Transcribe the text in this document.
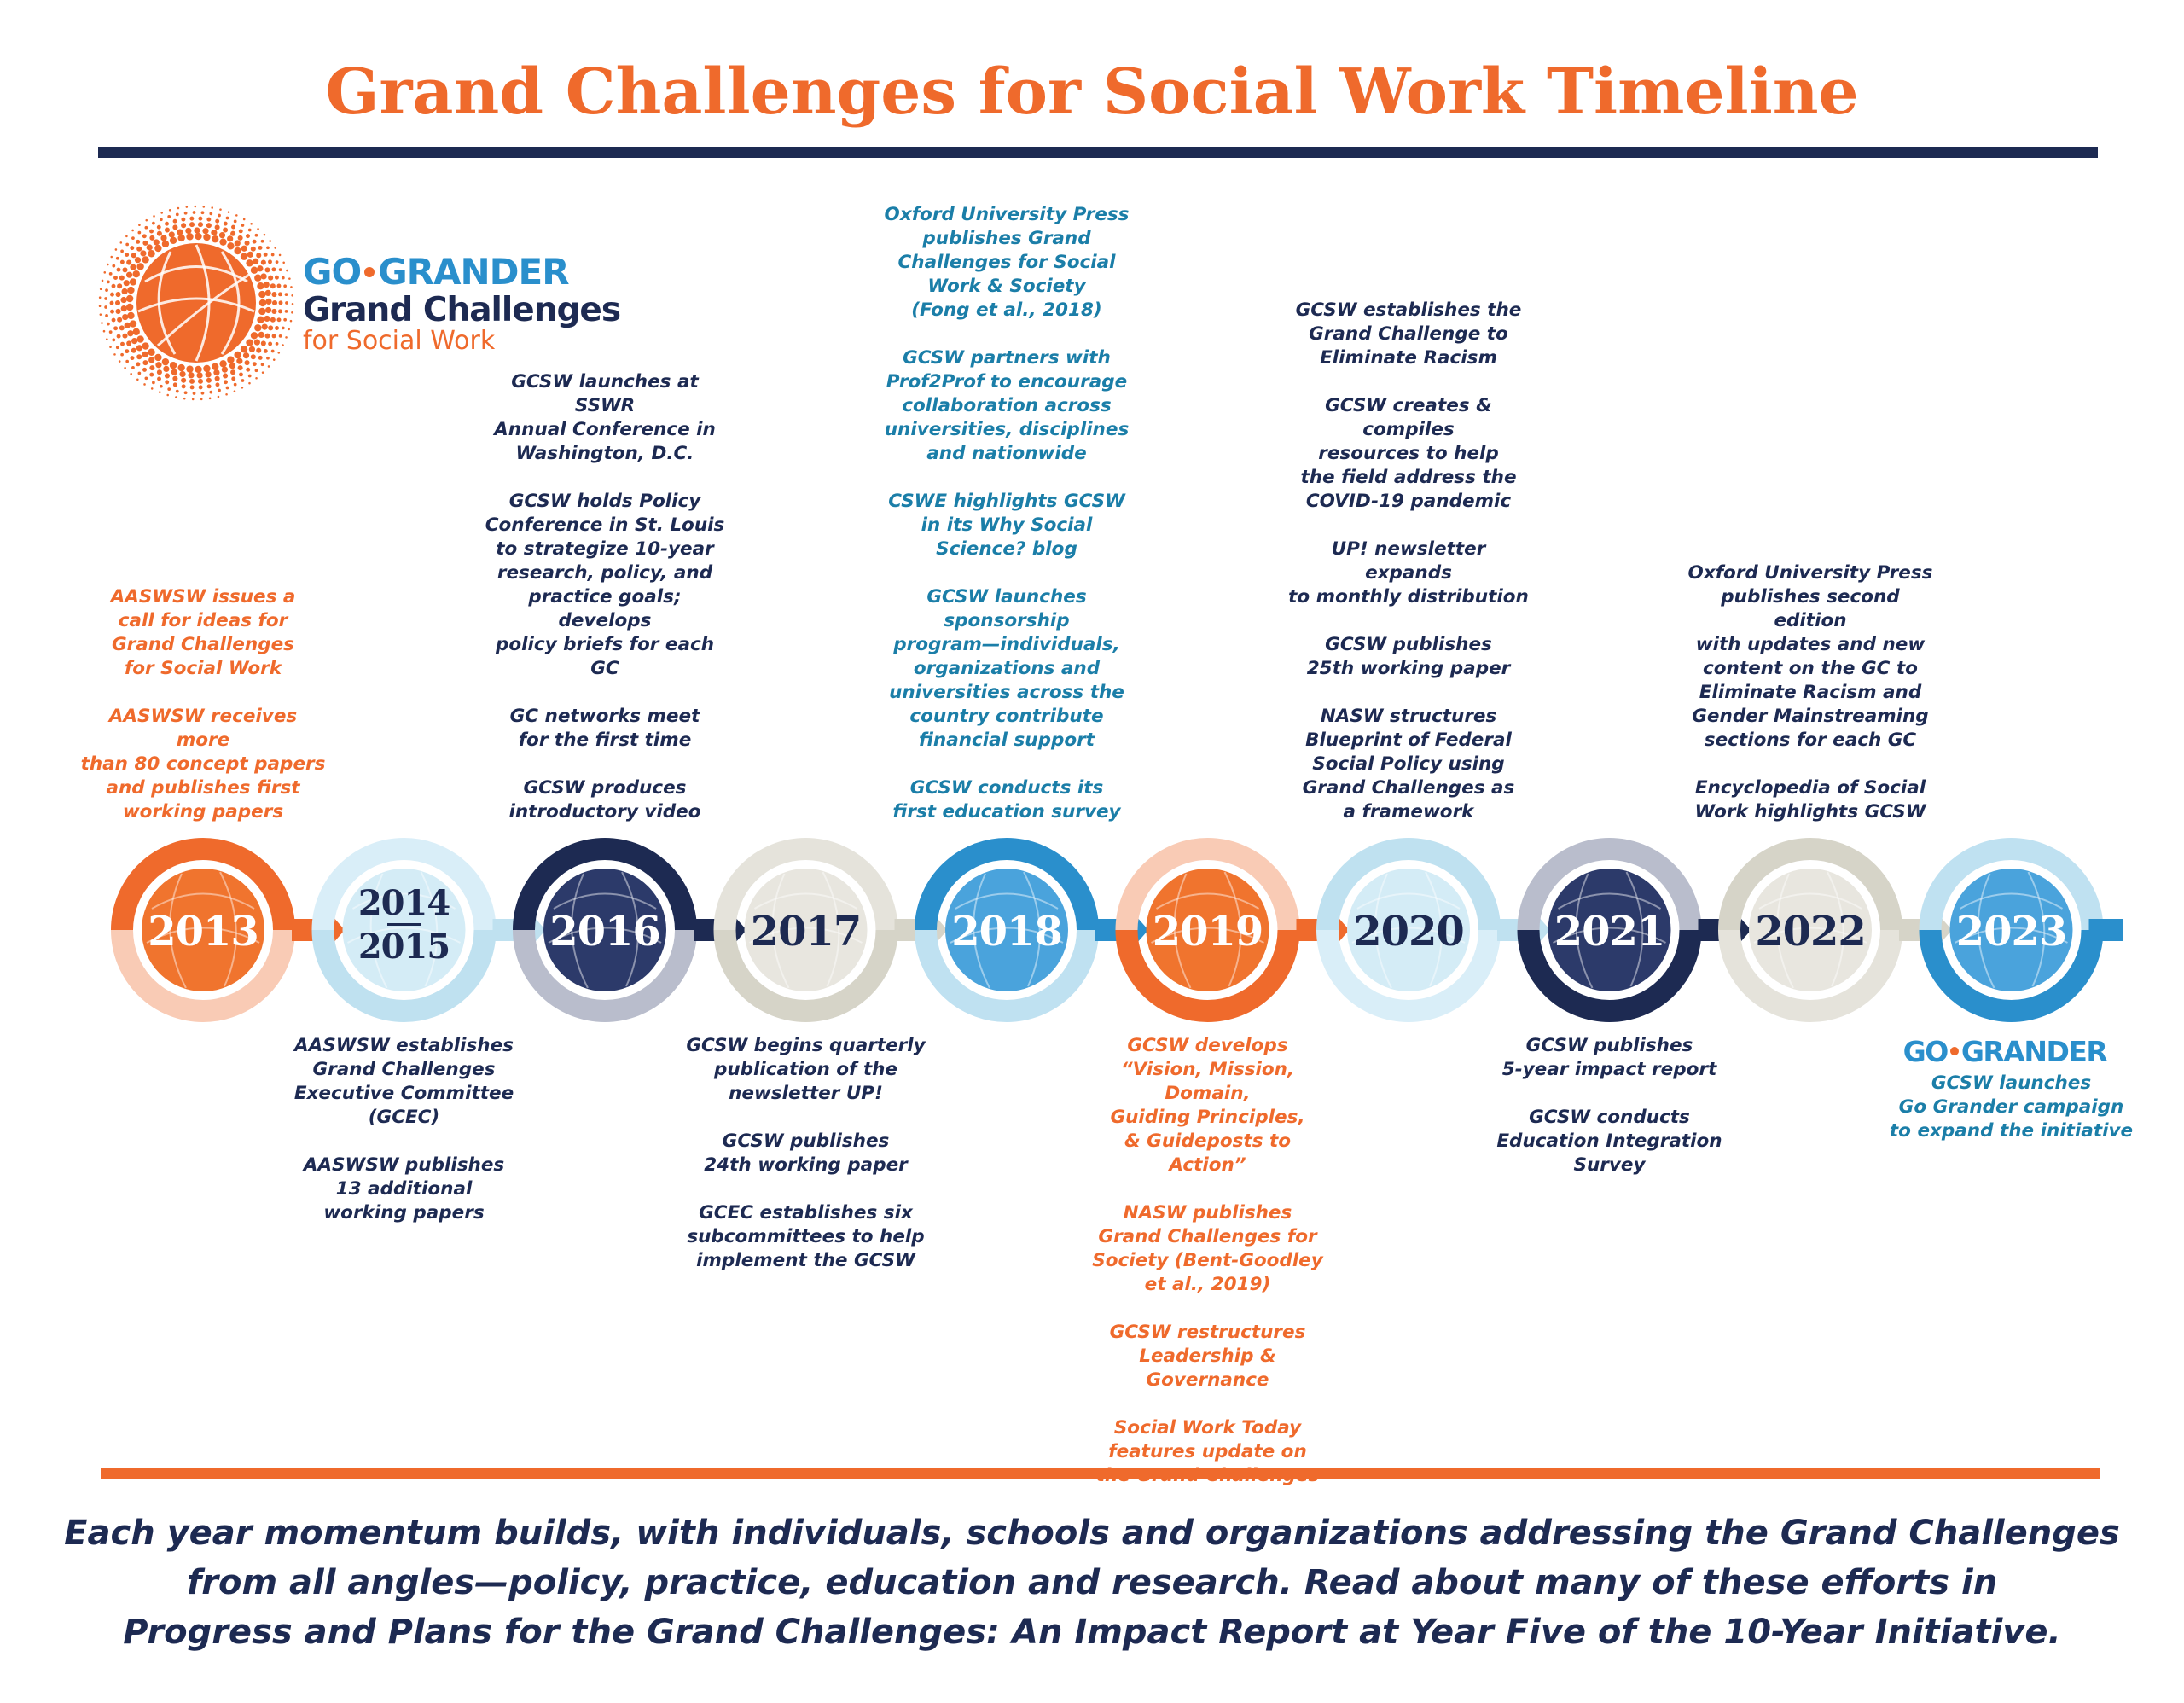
Grand Challenges for Social Work Timeline
GO GRANDER
Grand Challenges
for Social Work
2013
AASWSW issues a
call for ideas for
Grand Challenges
for Social Work
AASWSW receives more
than 80 concept papers
and publishes first
working papers
2014
2015
AASWSW establishes
Grand Challenges
Executive Committee
(GCEC)
AASWSW publishes
13 additional
working papers
2016
GCSW launches at SSWR
Annual Conference in
Washington, D.C.
GCSW holds Policy
Conference in St. Louis
to strategize 10-year
research, policy, and
practice goals; develops
policy briefs for each GC
GC networks meet
for the first time
GCSW produces
introductory video
2017
GCSW begins quarterly
publication of the
newsletter UP!
GCSW publishes
24th working paper
GCEC establishes six
subcommittees to help
implement the GCSW
2018
Oxford University Press
publishes Grand
Challenges for Social
Work & Society
(Fong et al., 2018)
GCSW partners with
Prof2Prof to encourage
collaboration across
universities, disciplines
and nationwide
CSWE highlights GCSW
in its Why Social
Science? blog
GCSW launches
sponsorship
program—individuals,
organizations and
universities across the
country contribute
financial support
GCSW conducts its
first education survey
2019
GCSW develops
“Vision, Mission, Domain,
Guiding Principles,
& Guideposts to Action”
NASW publishes
Grand Challenges for
Society (Bent-Goodley
et al., 2019)
GCSW restructures
Leadership & Governance
Social Work Today
features update on

2020
GCSW establishes the
Grand Challenge to
Eliminate Racism
GCSW creates & compiles
resources to help
the field address the
COVID-19 pandemic
UP! newsletter expands
to monthly distribution
GCSW publishes
25th working paper
NASW structures
Blueprint of Federal
Social Policy using
Grand Challenges as
a framework
2021
GCSW publishes
5-year impact report
GCSW conducts
Education Integration
Survey
2022
Oxford University Press
publishes second edition
with updates and new
content on the GC to
Eliminate Racism and
Gender Mainstreaming
sections for each GC
Encyclopedia of Social
Work highlights GCSW
2023
GCSW launches
Go Grander campaign
to expand the initiative
GO GRANDER

Each year momentum builds, with individuals, schools and organizations addressing the Grand Challenges

from all angles—policy, practice, education and research. Read about many of these efforts in

Progress and Plans for the Grand Challenges: An Impact Report at Year Five of the 10-Year Initiative.
